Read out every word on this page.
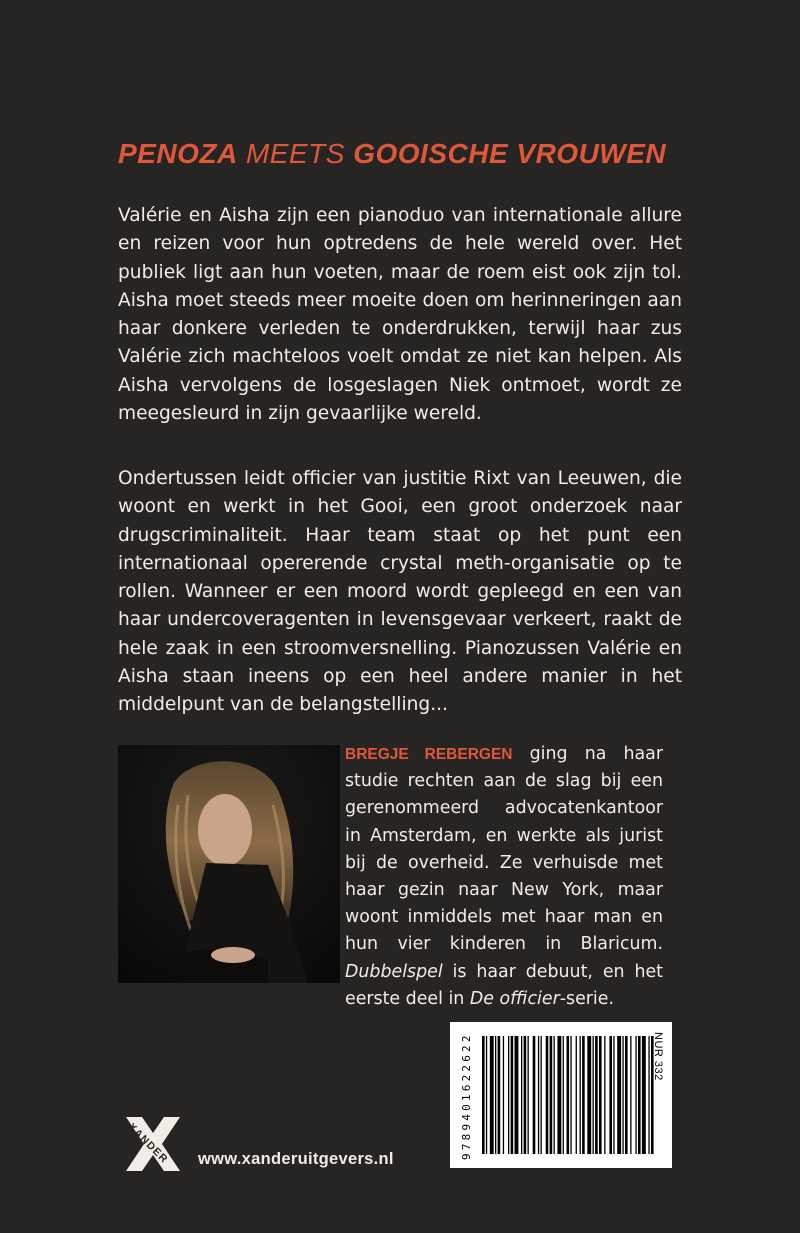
PENOZA MEETS GOOISCHE VROUWEN

Valérie en Aisha zijn een pianoduo van internationale allure en reizen voor hun optredens de hele wereld over. Het publiek ligt aan hun voeten, maar de roem eist ook zijn tol. Aisha moet steeds meer moeite doen om herinneringen aan haar donkere verleden te onderdrukken, terwijl haar zus Valérie zich machteloos voelt omdat ze niet kan helpen. Als Aisha vervolgens de losgeslagen Niek ontmoet, wordt ze meegesleurd in zijn gevaarlijke wereld.

Ondertussen leidt officier van justitie Rixt van Leeuwen, die woont en werkt in het Gooi, een groot onderzoek naar drugscriminaliteit. Haar team staat op het punt een internationaal opererende crystal meth-organisatie op te rollen. Wanneer er een moord wordt gepleegd en een van haar undercoveragenten in levensgevaar verkeert, raakt de hele zaak in een stroomversnelling. Pianozussen Valérie en Aisha staan ineens op een heel andere manier in het middelpunt van de belangstelling...

BREGJE REBERGEN ging na haar studie rechten aan de slag bij een gerenommeerd advocatenkantoor in Amsterdam, en werkte als jurist bij de overheid. Ze verhuisde met haar gezin naar New York, maar woont inmiddels met haar man en hun vier kinderen in Blaricum. Dubbelspel is haar debuut, en het eerste deel in De officier-serie.

9789401622622	NUR 332
XANDER www.xanderuitgevers.nl
